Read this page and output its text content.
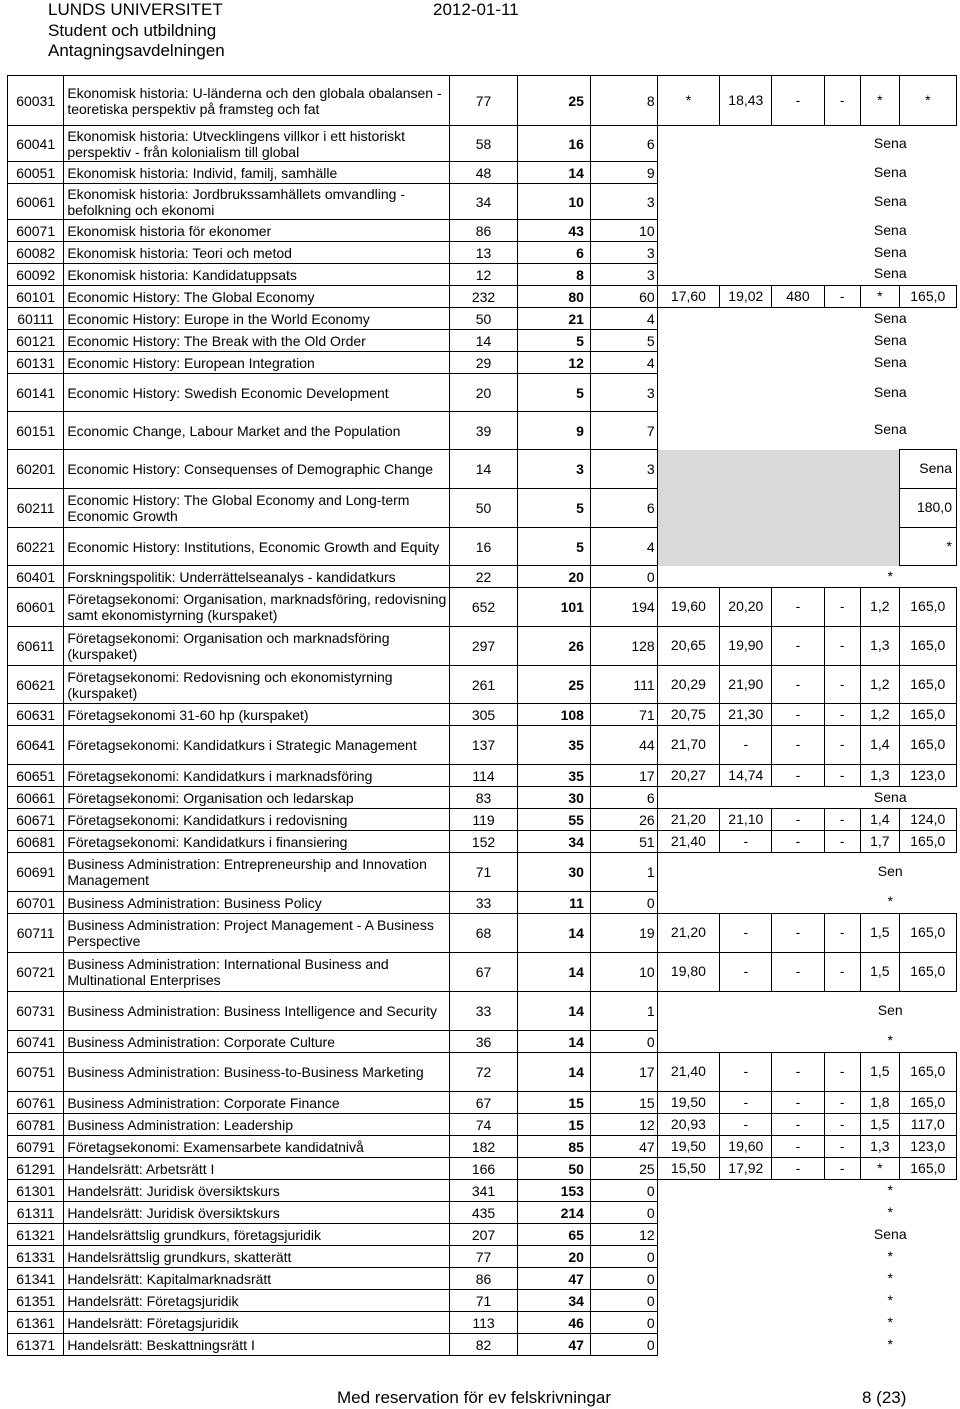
LUNDS UNIVERSITET
Student och utbildning
Antagningsavdelningen
2012-01-11
60031	Ekonomisk historia: U-länderna och den globala obalansen - teoretiska perspektiv på framsteg och fat	77	25	8	*	18,43	-	-	*	*
60041	Ekonomisk historia: Utvecklingens villkor i ett historiskt perspektiv - från kolonialism till global	58	16	6				Sena		
60051	Ekonomisk historia: Individ, familj, samhälle	48	14	9				Sena		
60061	Ekonomisk historia: Jordbrukssamhällets omvandling - befolkning och ekonomi	34	10	3				Sena		
60071	Ekonomisk historia för ekonomer	86	43	10				Sena		
60082	Ekonomisk historia: Teori och metod	13	6	3				Sena		
60092	Ekonomisk historia: Kandidatuppsats	12	8	3				Sena		
60101	Economic History: The Global Economy	232	80	60	17,60	19,02	480	-	*	165,0
60111	Economic History: Europe in the World Economy	50	21	4				Sena		
60121	Economic History: The Break with the Old Order	14	5	5				Sena		
60131	Economic History: European Integration	29	12	4				Sena		
60141	Economic History: Swedish Economic Development	20	5	3				Sena		
60151	Economic Change, Labour Market and the Population	39	9	7				Sena		
60201	Economic History: Consequenses of Demographic Change	14	3	3						Sena
60211	Economic History: The Global Economy and Long-term Economic Growth	50	5	6						180,0
60221	Economic History: Institutions, Economic Growth and Equity	16	5	4						*
60401	Forskningspolitik: Underrättelseanalys - kandidatkurs	22	20	0				*		
60601	Företagsekonomi: Organisation, marknadsföring, redovisning samt ekonomistyrning (kurspaket)	652	101	194	19,60	20,20	-	-	1,2	165,0
60611	Företagsekonomi: Organisation och marknadsföring (kurspaket)	297	26	128	20,65	19,90	-	-	1,3	165,0
60621	Företagsekonomi: Redovisning och ekonomistyrning (kurspaket)	261	25	111	20,29	21,90	-	-	1,2	165,0
60631	Företagsekonomi 31-60 hp (kurspaket)	305	108	71	20,75	21,30	-	-	1,2	165,0
60641	Företagsekonomi: Kandidatkurs i Strategic Management	137	35	44	21,70	-	-	-	1,4	165,0
60651	Företagsekonomi: Kandidatkurs i marknadsföring	114	35	17	20,27	14,74	-	-	1,3	123,0
60661	Företagsekonomi: Organisation och ledarskap	83	30	6				Sena		
60671	Företagsekonomi: Kandidatkurs i redovisning	119	55	26	21,20	21,10	-	-	1,4	124,0
60681	Företagsekonomi: Kandidatkurs i finansiering	152	34	51	21,40	-	-	-	1,7	165,0
60691	Business Administration: Entrepreneurship and Innovation Management	71	30	1				Sen		
60701	Business Administration: Business Policy	33	11	0				*		
60711	Business Administration: Project Management - A Business Perspective	68	14	19	21,20	-	-	-	1,5	165,0
60721	Business Administration: International Business and Multinational Enterprises	67	14	10	19,80	-	-	-	1,5	165,0
60731	Business Administration: Business Intelligence and Security	33	14	1				Sen		
60741	Business Administration: Corporate Culture	36	14	0				*		
60751	Business Administration: Business-to-Business Marketing	72	14	17	21,40	-	-	-	1,5	165,0
60761	Business Administration: Corporate Finance	67	15	15	19,50	-	-	-	1,8	165,0
60781	Business Administration: Leadership	74	15	12	20,93	-	-	-	1,5	117,0
60791	Företagsekonomi: Examensarbete kandidatnivå	182	85	47	19,50	19,60	-	-	1,3	123,0
61291	Handelsrätt: Arbetsrätt I	166	50	25	15,50	17,92	-	-	*	165,0
61301	Handelsrätt: Juridisk översiktskurs	341	153	0				*		
61311	Handelsrätt: Juridisk översiktskurs	435	214	0				*		
61321	Handelsrättslig grundkurs, företagsjuridik	207	65	12				Sena		
61331	Handelsrättslig grundkurs, skatterätt	77	20	0				*		
61341	Handelsrätt: Kapitalmarknadsrätt	86	47	0				*		
61351	Handelsrätt: Företagsjuridik	71	34	0				*		
61361	Handelsrätt: Företagsjuridik	113	46	0				*		
61371	Handelsrätt: Beskattningsrätt I	82	47	0				*		
Med reservation för ev felskrivningar	8 (23)
